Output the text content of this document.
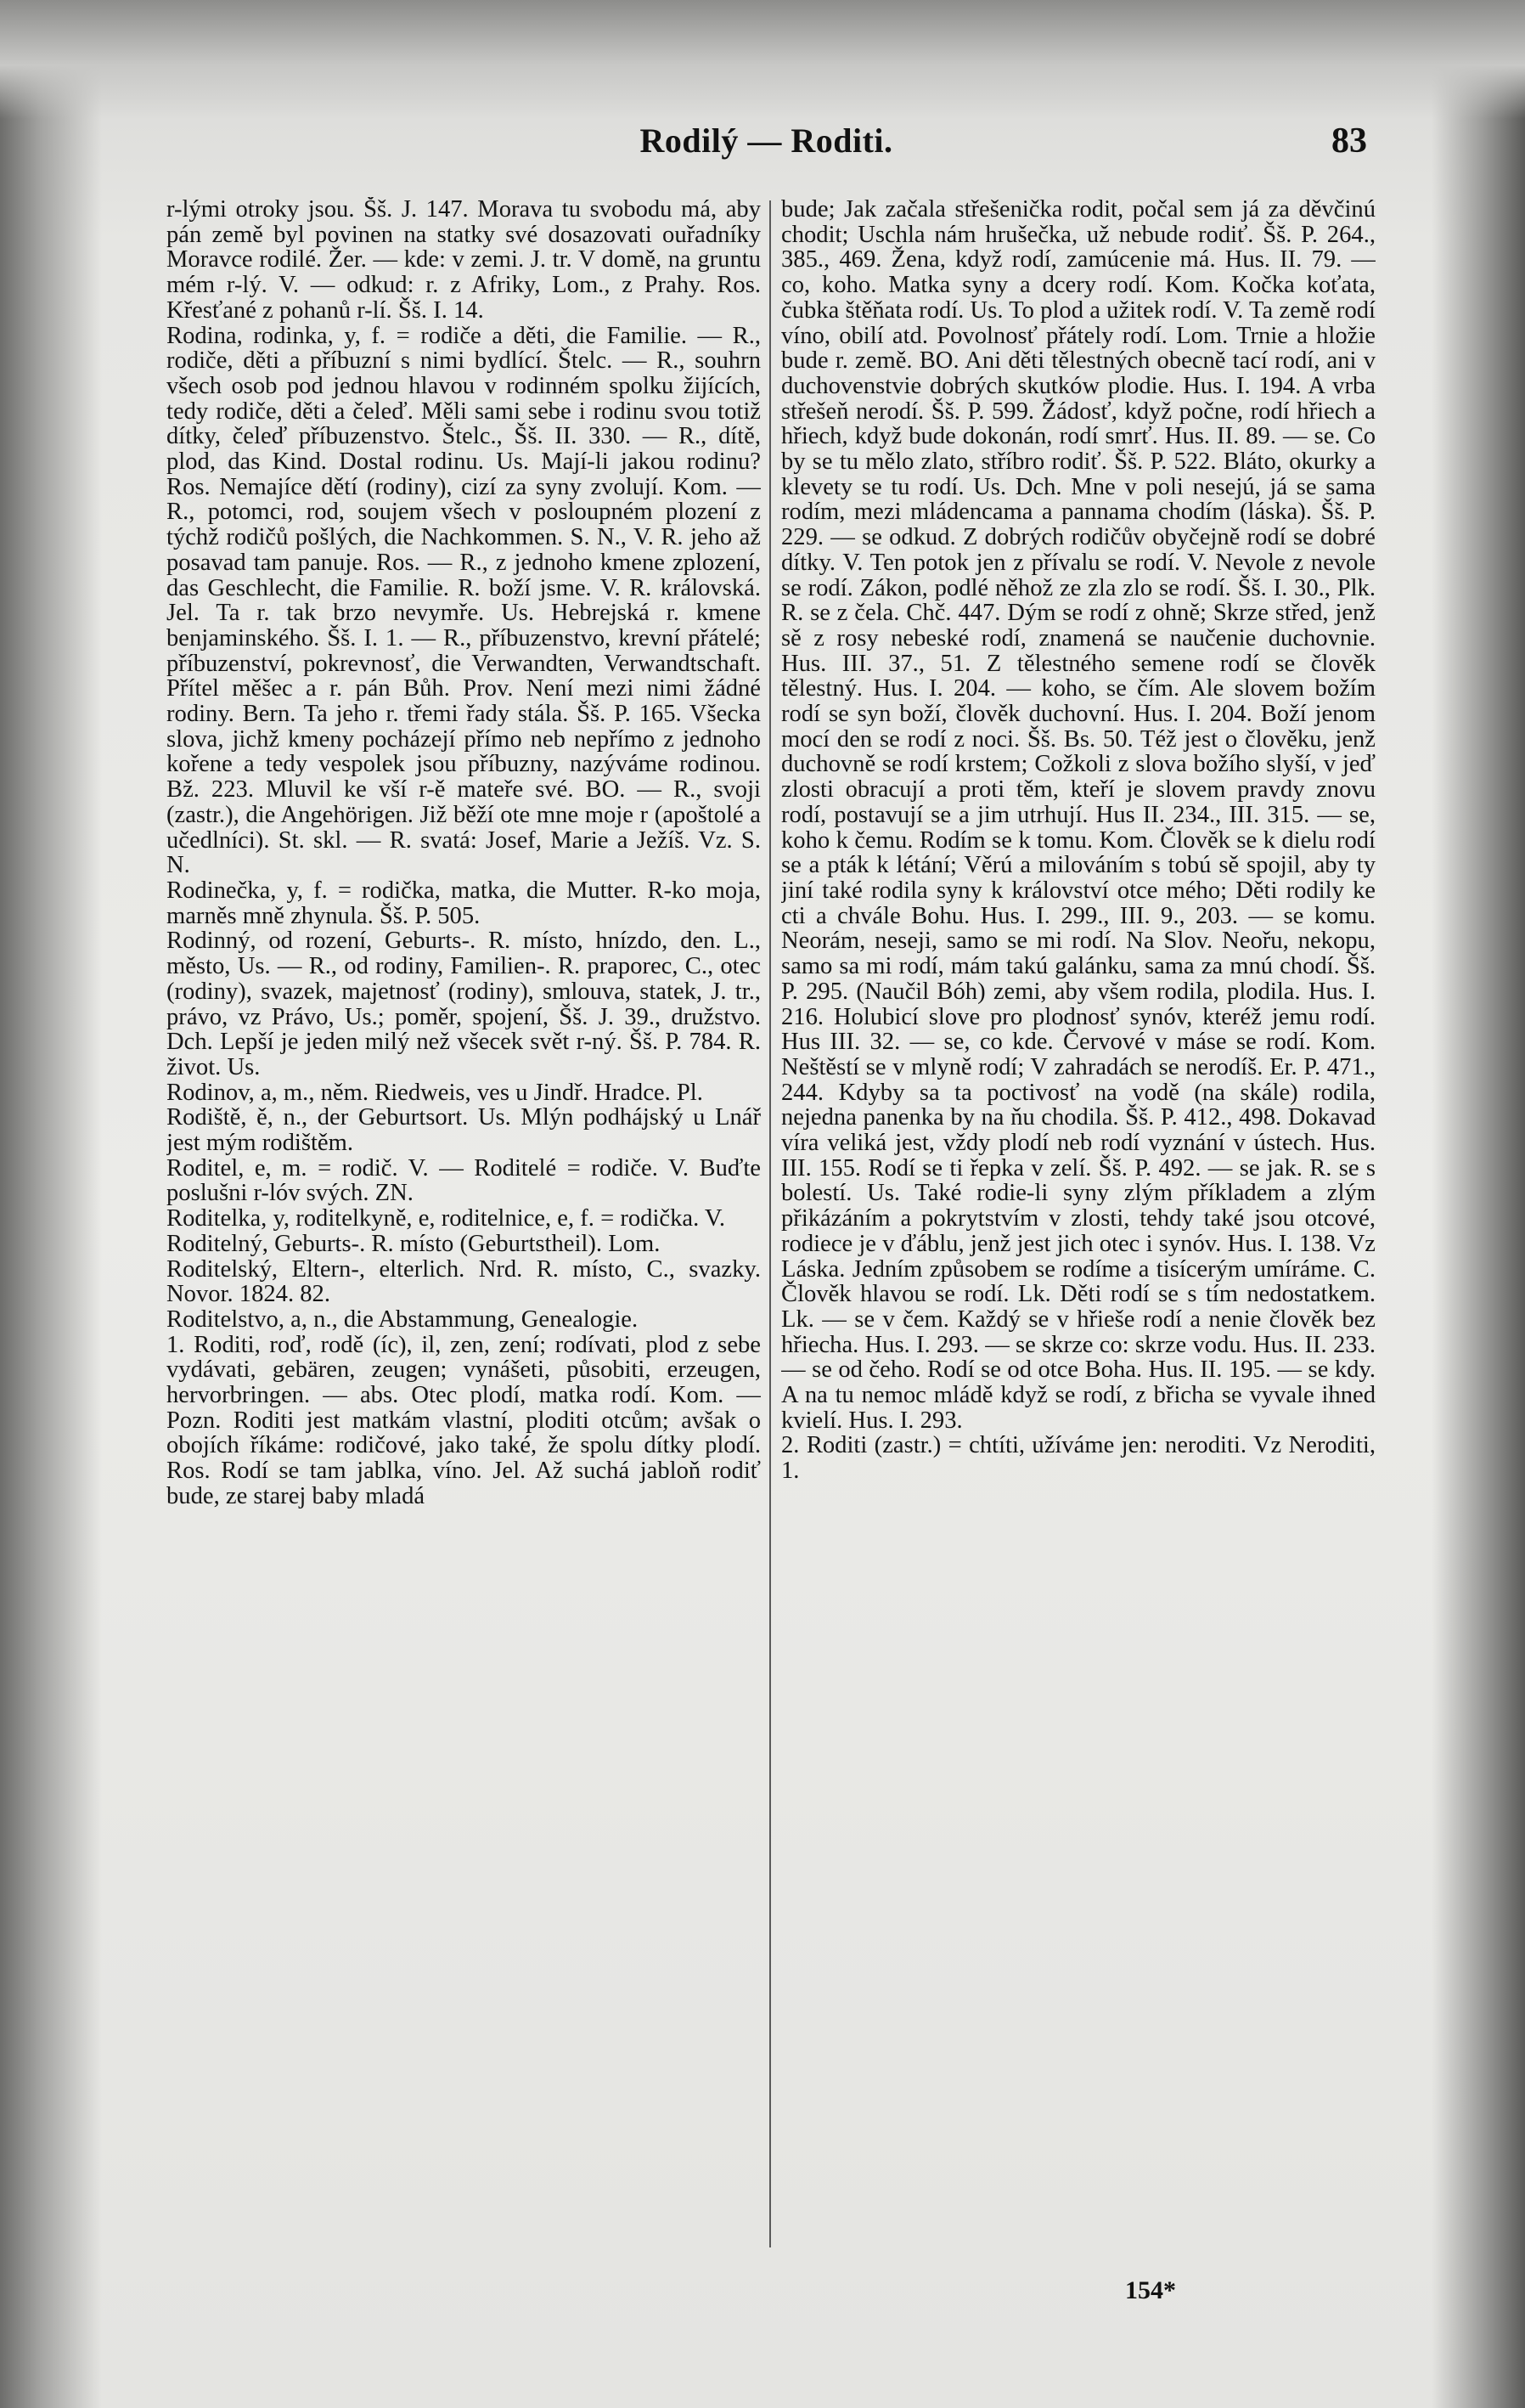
Rodilý — Roditi.	83

r-lými otroky jsou. Šš. J. 147. Morava tu svobodu má, aby pán země byl povinen na statky své dosazovati ouřadníky Moravce rodilé. Žer. — kde: v zemi. J. tr. V domě, na gruntu mém r-lý. V. — odkud: r. z Afriky, Lom., z Prahy. Ros. Křesťané z pohanů r-lí. Šš. I. 14.
Rodina, rodinka, y, f. = rodiče a děti, die Familie. — R., rodiče, děti a příbuzní s nimi bydlící. Štelc. — R., souhrn všech osob pod jednou hlavou v rodinném spolku žijících, tedy rodiče, děti a čeleď. Měli sami sebe i rodinu svou totiž dítky, čeleď příbuzenstvo. Štelc., Šš. II. 330. — R., dítě, plod, das Kind. Dostal rodinu. Us. Mají-li jakou rodinu? Ros. Nemajíce dětí (rodiny), cizí za syny zvolují. Kom. — R., potomci, rod, soujem všech v posloupném plození z týchž rodičů pošlých, die Nachkommen. S. N., V. R. jeho až posavad tam panuje. Ros. — R., z jednoho kmene zplození, das Geschlecht, die Familie. R. boží jsme. V. R. královská. Jel. Ta r. tak brzo nevymře. Us. Hebrejská r. kmene benjaminského. Šš. I. 1. — R., příbuzenstvo, krevní přátelé; příbuzenství, pokrevnosť, die Verwandten, Verwandtschaft. Přítel měšec a r. pán Bůh. Prov. Není mezi nimi žádné rodiny. Bern. Ta jeho r. třemi řady stála. Šš. P. 165. Všecka slova, jichž kmeny pocházejí přímo neb nepřímo z jednoho kořene a tedy vespolek jsou příbuzny, nazýváme rodinou. Bž. 223. Mluvil ke vší r-ě mateře své. BO. — R., svoji (zastr.), die Angehörigen. Již běží ote mne moje r (apoštolé a učedlníci). St. skl. — R. svatá: Josef, Marie a Ježíš. Vz. S. N.
Rodinečka, y, f. = rodička, matka, die Mutter. R-ko moja, marněs mně zhynula. Šš. P. 505.
Rodinný, od rození, Geburts-. R. místo, hnízdo, den. L., město, Us. — R., od rodiny, Familien-. R. praporec, C., otec (rodiny), svazek, majetnosť (rodiny), smlouva, statek, J. tr., právo, vz Právo, Us.; poměr, spojení, Šš. J. 39., družstvo. Dch. Lepší je jeden milý než všecek svět r-ný. Šš. P. 784. R. život. Us.
Rodinov, a, m., něm. Riedweis, ves u Jindř. Hradce. Pl.
Rodiště, ě, n., der Geburtsort. Us. Mlýn podhájský u Lnář jest mým rodištěm.
Roditel, e, m. = rodič. V. — Roditelé = rodiče. V. Buďte poslušni r-lóv svých. ZN.
Roditelka, y, roditelkyně, e, roditelnice, e, f. = rodička. V.
Roditelný, Geburts-. R. místo (Geburtstheil). Lom.
Roditelský, Eltern-, elterlich. Nrd. R. místo, C., svazky. Novor. 1824. 82.
Roditelstvo, a, n., die Abstammung, Genealogie.
1. Roditi, roď, rodě (íc), il, zen, zení; rodívati, plod z sebe vydávati, gebären, zeugen; vynášeti, působiti, erzeugen, hervorbringen. — abs. Otec plodí, matka rodí. Kom. — Pozn. Roditi jest matkám vlastní, ploditi otcům; avšak o obojích říkáme: rodičové, jako také, že spolu dítky plodí. Ros. Rodí se tam jablka, víno. Jel. Až suchá jabloň rodiť bude, ze starej baby mladá

bude; Jak začala střešenička rodit, počal sem já za děvčinú chodit; Uschla nám hrušečka, už nebude rodiť. Šš. P. 264., 385., 469. Žena, když rodí, zamúcenie má. Hus. II. 79. — co, koho. Matka syny a dcery rodí. Kom. Kočka koťata, čubka štěňata rodí. Us. To plod a užitek rodí. V. Ta země rodí víno, obilí atd. Povolnosť přátely rodí. Lom. Trnie a hložie bude r. země. BO. Ani děti tělestných obecně tací rodí, ani v duchovenstvie dobrých skutków plodie. Hus. I. 194. A vrba střešeň nerodí. Šš. P. 599. Žádosť, když počne, rodí hřiech a hřiech, když bude dokonán, rodí smrť. Hus. II. 89. — se. Co by se tu mělo zlato, stříbro rodiť. Šš. P. 522. Bláto, okurky a klevety se tu rodí. Us. Dch. Mne v poli nesejú, já se sama rodím, mezi mládencama a pannama chodím (láska). Šš. P. 229. — se odkud. Z dobrých rodičův obyčejně rodí se dobré dítky. V. Ten potok jen z přívalu se rodí. V. Nevole z nevole se rodí. Zákon, podlé něhož ze zla zlo se rodí. Šš. I. 30., Plk. R. se z čela. Chč. 447. Dým se rodí z ohně; Skrze střed, jenž sě z rosy nebeské rodí, znamená se naučenie duchovnie. Hus. III. 37., 51. Z tělestného semene rodí se člověk tělestný. Hus. I. 204. — koho, se čím. Ale slovem božím rodí se syn boží, člověk duchovní. Hus. I. 204. Boží jenom mocí den se rodí z noci. Šš. Bs. 50. Též jest o člověku, jenž duchovně se rodí krstem; Cožkoli z slova božího slyší, v jeď zlosti obracují a proti těm, kteří je slovem pravdy znovu rodí, postavují se a jim utrhují. Hus II. 234., III. 315. — se, koho k čemu. Rodím se k tomu. Kom. Člověk se k dielu rodí se a pták k létání; Věrú a milováním s tobú sě spojil, aby ty jiní také rodila syny k království otce mého; Děti rodily ke cti a chvále Bohu. Hus. I. 299., III. 9., 203. — se komu. Neorám, neseji, samo se mi rodí. Na Slov. Neořu, nekopu, samo sa mi rodí, mám takú galánku, sama za mnú chodí. Šš. P. 295. (Naučil Bóh) zemi, aby všem rodila, plodila. Hus. I. 216. Holubicí slove pro plodnosť synóv, kteréž jemu rodí. Hus III. 32. — se, co kde. Červové v máse se rodí. Kom. Neštěstí se v mlyně rodí; V zahradách se nerodíš. Er. P. 471., 244. Kdyby sa ta poctivosť na vodě (na skále) rodila, nejedna panenka by na ňu chodila. Šš. P. 412., 498. Dokavad víra veliká jest, vždy plodí neb rodí vyznání v ústech. Hus. III. 155. Rodí se ti řepka v zelí. Šš. P. 492. — se jak. R. se s bolestí. Us. Také rodie-li syny zlým příkladem a zlým přikázáním a pokrytstvím v zlosti, tehdy také jsou otcové, rodiece je v ďáblu, jenž jest jich otec i synóv. Hus. I. 138. Vz Láska. Jedním způsobem se rodíme a tisícerým umíráme. C. Člověk hlavou se rodí. Lk. Děti rodí se s tím nedostatkem. Lk. — se v čem. Každý se v hřieše rodí a nenie člověk bez hřiecha. Hus. I. 293. — se skrze co: skrze vodu. Hus. II. 233. — se od čeho. Rodí se od otce Boha. Hus. II. 195. — se kdy. A na tu nemoc mládě když se rodí, z břicha se vyvale ihned kvielí. Hus. I. 293.
2. Roditi (zastr.) = chtíti, užíváme jen: neroditi. Vz Neroditi, 1.

154*
